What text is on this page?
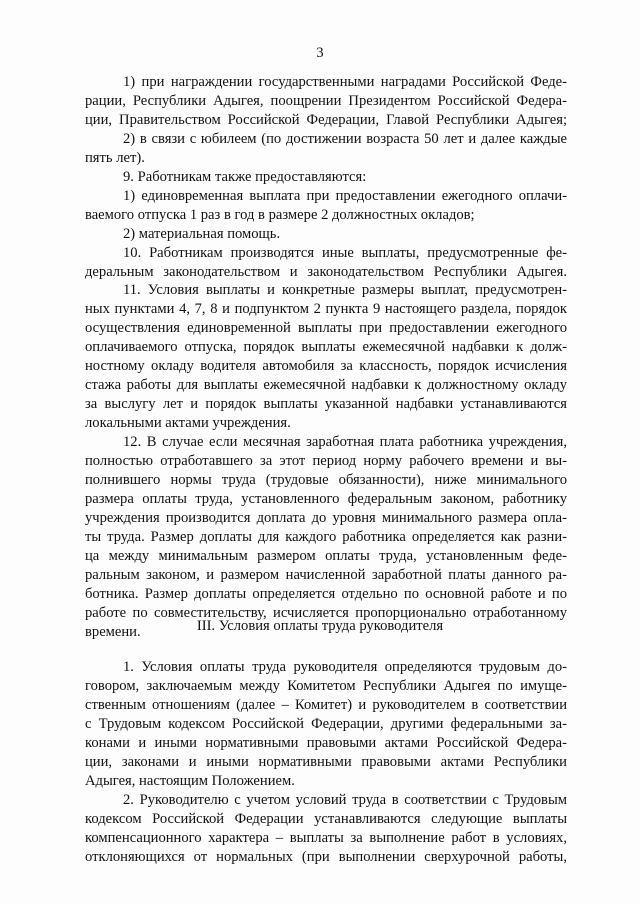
3
1) при награждении государственными наградами Российской Феде-
рации, Республики Адыгея, поощрении Президентом Российской Федера-
ции, Правительством Российской Федерации, Главой Республики Адыгея;
2) в связи с юбилеем (по достижении возраста 50 лет и далее каждые
пять лет).
9. Работникам также предоставляются:
1) единовременная выплата при предоставлении ежегодного оплачи-
ваемого отпуска 1 раз в год в размере 2 должностных окладов;
2) материальная помощь.
10. Работникам производятся иные выплаты, предусмотренные фе-
деральным законодательством и законодательством Республики Адыгея.
11. Условия выплаты и конкретные размеры выплат, предусмотрен-
ных пунктами 4, 7, 8 и подпунктом 2 пункта 9 настоящего раздела, порядок
осуществления единовременной выплаты при предоставлении ежегодного
оплачиваемого отпуска, порядок выплаты ежемесячной надбавки к долж-
ностному окладу водителя автомобиля за классность, порядок исчисления
стажа работы для выплаты ежемесячной надбавки к должностному окладу
за выслугу лет и порядок выплаты указанной надбавки устанавливаются
локальными актами учреждения.
12. В случае если месячная заработная плата работника учреждения,
полностью отработавшего за этот период норму рабочего времени и вы-
полнившего нормы труда (трудовые обязанности), ниже минимального
размера оплаты труда, установленного федеральным законом, работнику
учреждения производится доплата до уровня минимального размера опла-
ты труда. Размер доплаты для каждого работника определяется как разни-
ца между минимальным размером оплаты труда, установленным феде-
ральным законом, и размером начисленной заработной платы данного ра-
ботника. Размер доплаты определяется отдельно по основной работе и по
работе по совместительству, исчисляется пропорционально отработанному
времени.	III. Условия оплаты труда руководителя
1. Условия оплаты труда руководителя определяются трудовым до-
говором, заключаемым между Комитетом Республики Адыгея по имуще-
ственным отношениям (далее – Комитет) и руководителем в соответствии
с Трудовым кодексом Российской Федерации, другими федеральными за-
конами и иными нормативными правовыми актами Российской Федера-
ции, законами и иными нормативными правовыми актами Республики
Адыгея, настоящим Положением.
2. Руководителю с учетом условий труда в соответствии с Трудовым
кодексом Российской Федерации устанавливаются следующие выплаты
компенсационного характера – выплаты за выполнение работ в условиях,
отклоняющихся от нормальных (при выполнении сверхурочной работы,
